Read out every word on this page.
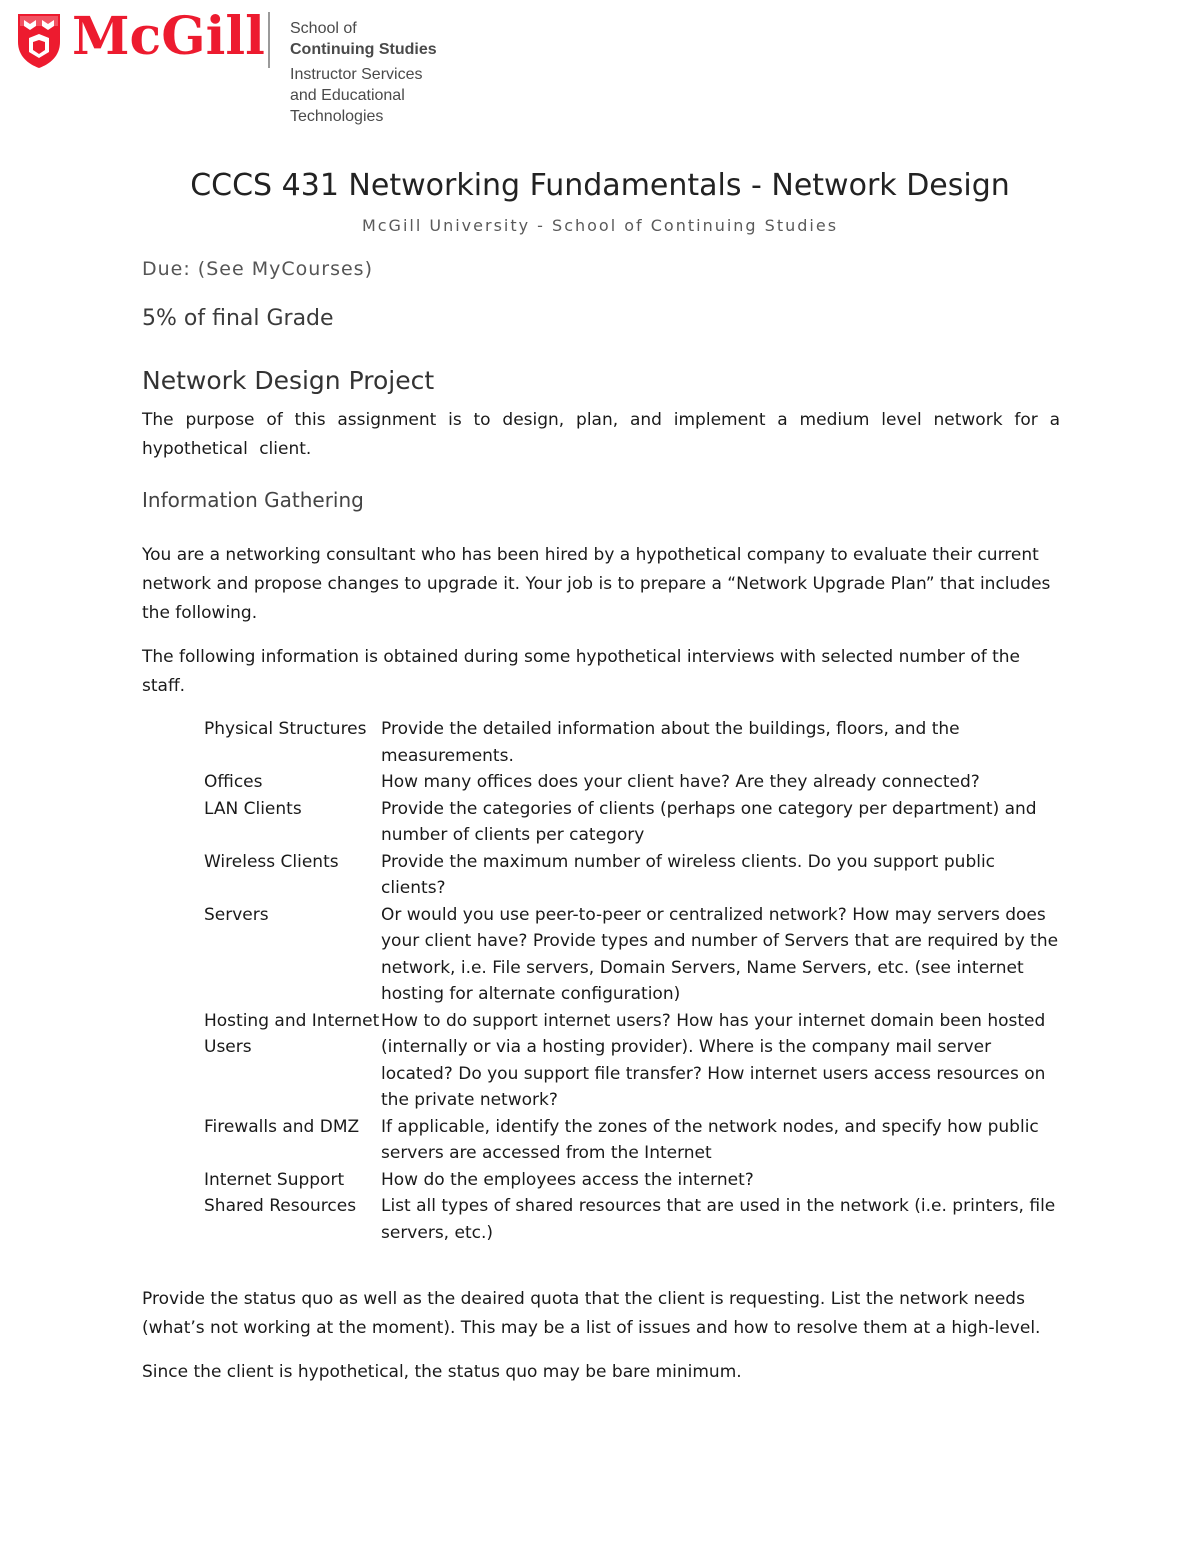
McGill School of
Continuing Studies
Instructor Services
and Educational
Technologies
CCCS 431 Networking Fundamentals - Network Design
McGill University - School of Continuing Studies
Due: (See MyCourses)
5% of final Grade
Network Design Project

The purpose of this assignment is to design, plan, and implement a medium level network for a hypothetical client.

Information Gathering

You are a networking consultant who has been hired by a hypothetical company to evaluate their current network and propose changes to upgrade it. Your job is to prepare a “Network Upgrade Plan” that includes the following.

The following information is obtained during some hypothetical interviews with selected number of the staff.

Physical Structures	Provide the detailed information about the buildings, floors, and the measurements.
Offices	How many offices does your client have? Are they already connected?
LAN Clients	Provide the categories of clients (perhaps one category per department) and number of clients per category
Wireless Clients	Provide the maximum number of wireless clients. Do you support public clients?
Servers	Or would you use peer-to-peer or centralized network? How may servers does your client have? Provide types and number of Servers that are required by the network, i.e. File servers, Domain Servers, Name Servers, etc. (see internet hosting for alternate configuration)
Hosting and Internet Users	How to do support internet users? How has your internet domain been hosted (internally or via a hosting provider). Where is the company mail server located? Do you support file transfer? How internet users access resources on the private network?
Firewalls and DMZ	If applicable, identify the zones of the network nodes, and specify how public servers are accessed from the Internet
Internet Support	How do the employees access the internet?
Shared Resources	List all types of shared resources that are used in the network (i.e. printers, file servers, etc.)

Provide the status quo as well as the deaired quota that the client is requesting. List the network needs (what’s not working at the moment). This may be a list of issues and how to resolve them at a high-level.

Since the client is hypothetical, the status quo may be bare minimum.
